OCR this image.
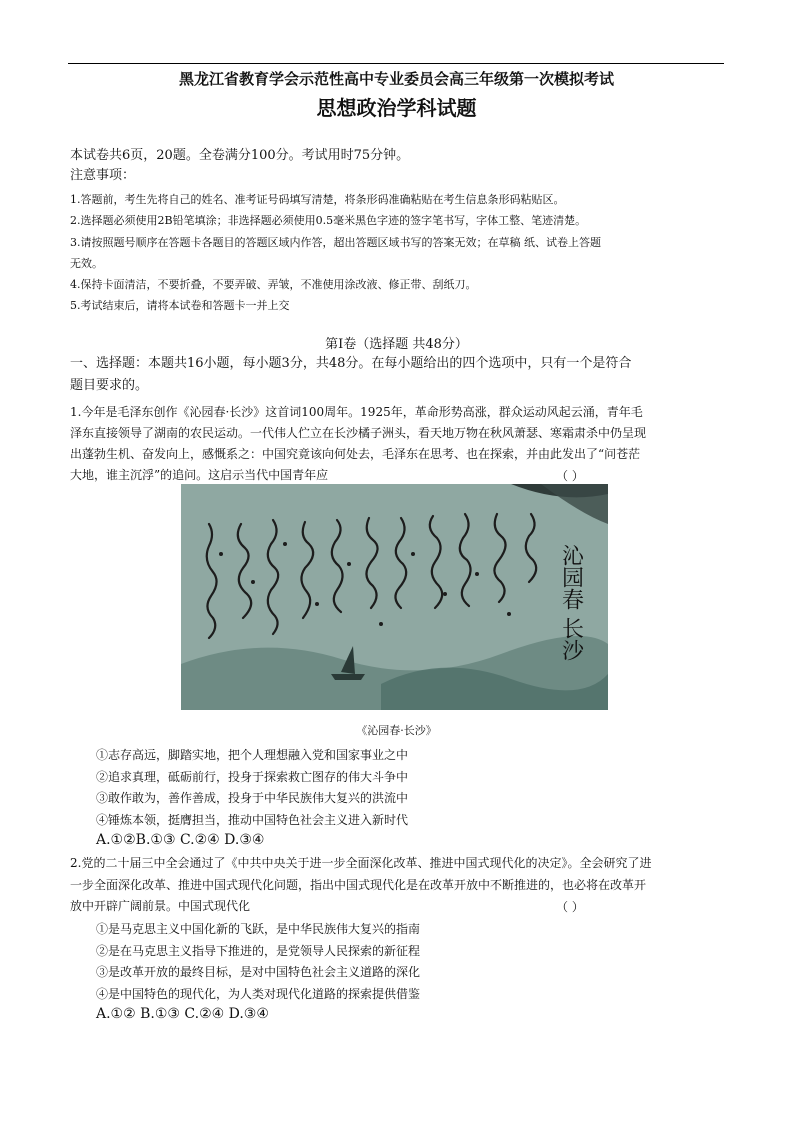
黑龙江省教育学会示范性高中专业委员会高三年级第一次模拟考试
思想政治学科试题
本试卷共6页，20题。全卷满分100分。考试用时75分钟。
注意事项：
1.答题前，考生先将自己的姓名、准考证号码填写清楚，将条形码准确粘贴在考生信息条形码粘贴区。
2.选择题必须使用2B铅笔填涂；非选择题必须使用0.5毫米黑色字迹的签字笔书写，字体工整、笔迹清楚。
3.请按照题号顺序在答题卡各题目的答题区域内作答，超出答题区域书写的答案无效；在草稿 纸、试卷上答题
无效。
4.保持卡面清洁，不要折叠，不要弄破、弄皱，不准使用涂改液、修正带、刮纸刀。
5.考试结束后，请将本试卷和答题卡一并上交
第Ⅰ卷（选择题 共48分）
一、选择题：本题共16小题，每小题3分，共48分。在每小题给出的四个选项中，只有一个是符合
题目要求的。
1.今年是毛泽东创作《沁园春·长沙》这首词100周年。1925年，革命形势高涨，群众运动风起云涌，青年毛
泽东直接领导了湖南的农民运动。一代伟人伫立在长沙橘子洲头，看天地万物在秋风萧瑟、寒霜肃杀中仍呈现
出蓬勃生机、奋发向上，感慨系之：中国究竟该向何处去，毛泽东在思考、也在探索，并由此发出了“问苍茫
大地，谁主沉浮”的追问。这启示当代中国青年应	（ ）
沁园春 长沙
《沁园春·长沙》
①志存高远，脚踏实地，把个人理想融入党和国家事业之中
②追求真理，砥砺前行，投身于探索救亡图存的伟大斗争中
③敢作敢为，善作善成，投身于中华民族伟大复兴的洪流中
④锤炼本领，挺膺担当，推动中国特色社会主义进入新时代
A.①②B.①③ C.②④ D.③④
2.党的二十届三中全会通过了《中共中央关于进一步全面深化改革、推进中国式现代化的决定》。全会研究了进
一步全面深化改革、推进中国式现代化问题，指出中国式现代化是在改革开放中不断推进的，也必将在改革开
放中开辟广阔前景。中国式现代化	（ ）
①是马克思主义中国化新的飞跃，是中华民族伟大复兴的指南
②是在马克思主义指导下推进的，是党领导人民探索的新征程
③是改革开放的最终目标，是对中国特色社会主义道路的深化
④是中国特色的现代化，为人类对现代化道路的探索提供借鉴
A.①② B.①③ C.②④ D.③④
